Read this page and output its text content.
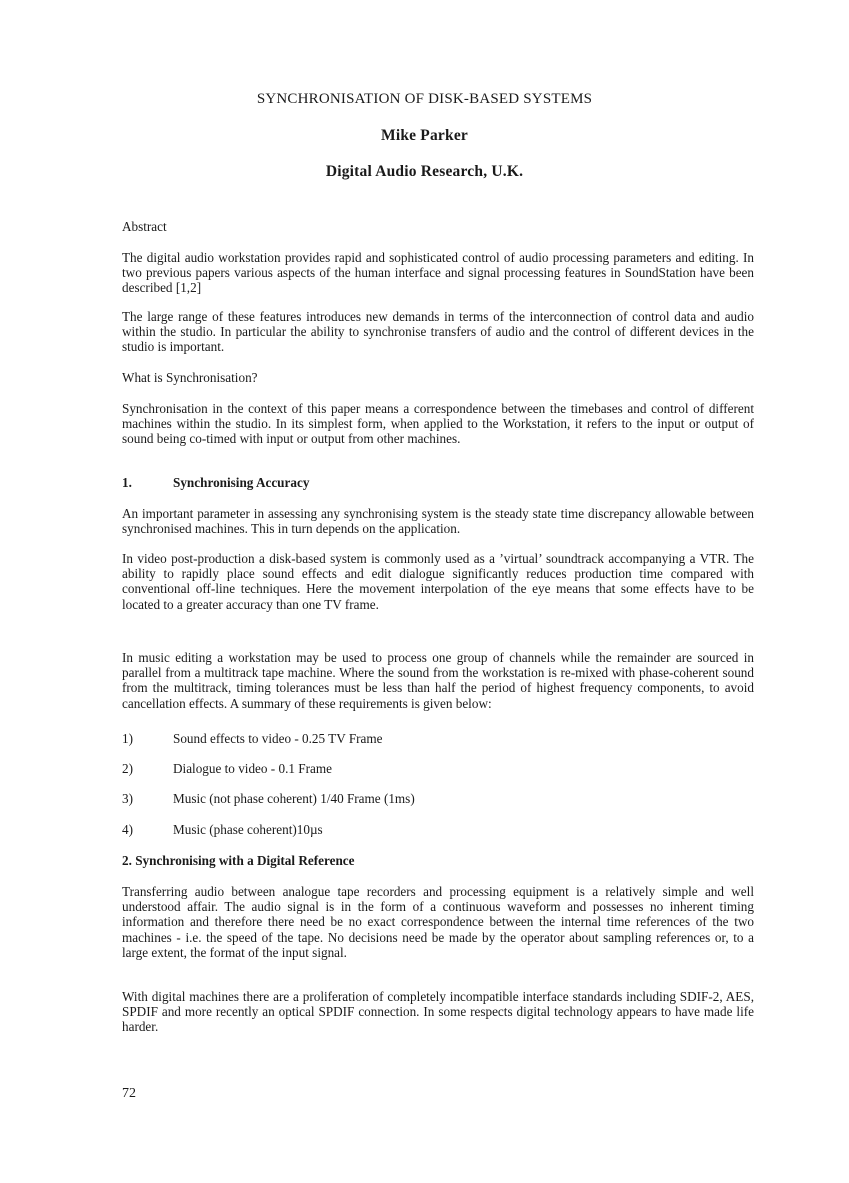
SYNCHRONISATION OF DISK-BASED SYSTEMS
Mike Parker
Digital Audio Research, U.K.
Abstract
The digital audio workstation provides rapid and sophisticated control of audio processing parameters and editing. In two previous papers various aspects of the human interface and signal processing features in SoundStation have been described [1,2]
The large range of these features introduces new demands in terms of the interconnection of control data and audio within the studio. In particular the ability to synchronise transfers of audio and the control of different devices in the studio is important.
What is Synchronisation?
Synchronisation in the context of this paper means a correspondence between the timebases and control of different machines within the studio. In its simplest form, when applied to the Workstation, it refers to the input or output of sound being co-timed with input or output from other machines.
1.	Synchronising Accuracy
An important parameter in assessing any synchronising system is the steady state time discrepancy allowable between synchronised machines. This in turn depends on the application.
In video post-production a disk-based system is commonly used as a ’virtual’ soundtrack accompanying a VTR. The ability to rapidly place sound effects and edit dialogue significantly reduces production time compared with conventional off-line techniques. Here the movement interpolation of the eye means that some effects have to be located to a greater accuracy than one TV frame.
In music editing a workstation may be used to process one group of channels while the remainder are sourced in parallel from a multitrack tape machine. Where the sound from the workstation is re-mixed with phase-coherent sound from the multitrack, timing tolerances must be less than half the period of highest frequency components, to avoid cancellation effects. A summary of these requirements is given below:
1)	Sound effects to video - 0.25 TV Frame
2)	Dialogue to video - 0.1 Frame
3)	Music (not phase coherent) 1/40 Frame (1ms)
4)	Music (phase coherent)10µs
2. Synchronising with a Digital Reference
Transferring audio between analogue tape recorders and processing equipment is a relatively simple and well understood affair. The audio signal is in the form of a continuous waveform and possesses no inherent timing information and therefore there need be no exact correspondence between the internal time references of the two machines - i.e. the speed of the tape. No decisions need be made by the operator about sampling references or, to a large extent, the format of the input signal.
With digital machines there are a proliferation of completely incompatible interface standards including SDIF-2, AES, SPDIF and more recently an optical SPDIF connection. In some respects digital technology appears to have made life harder.
72
